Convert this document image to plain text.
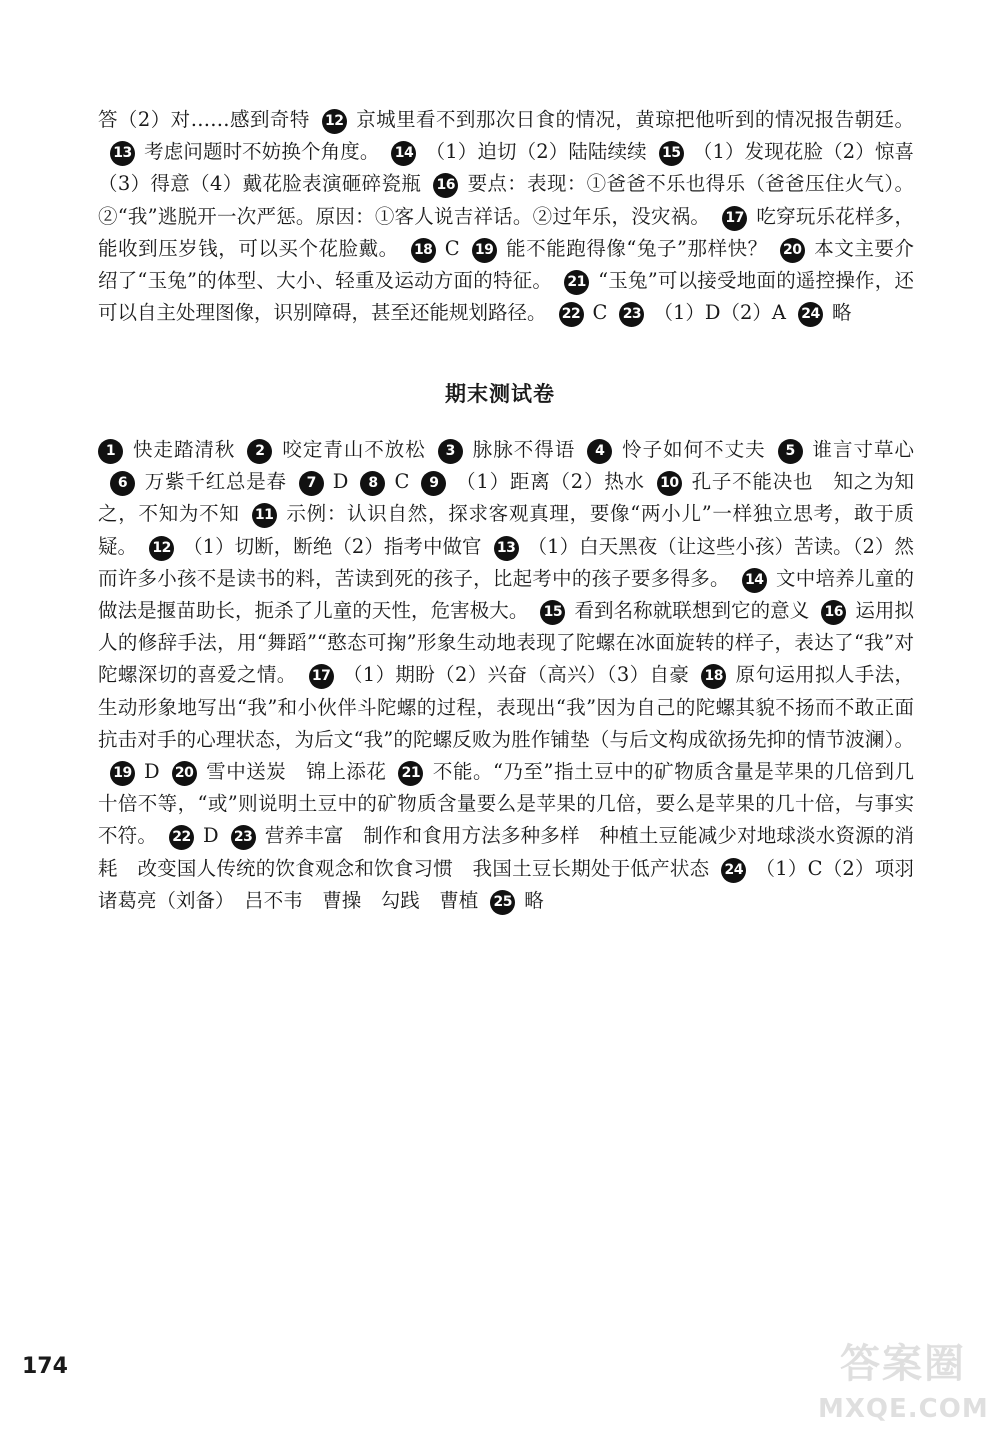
答（2）对……感到奇特 12 京城里看不到那次日食的情况，黄琼把他听到的情况报告朝廷。13 考虑问题时不妨换个角度。 14 （1）迫切（2）陆陆续续 15 （1）发现花脸（2）惊喜（3）得意（4）戴花脸表演砸碎瓷瓶 16 要点：表现：①爸爸不乐也得乐（爸爸压住火气）。②“我”逃脱开一次严惩。原因：①客人说吉祥话。②过年乐，没灾祸。 17 吃穿玩乐花样多，能收到压岁钱，可以买个花脸戴。 18 C 19 能不能跑得像“兔子”那样快？ 20 本文主要介绍了“玉兔”的体型、大小、轻重及运动方面的特征。 21 “玉兔”可以接受地面的遥控操作，还可以自主处理图像，识别障碍，甚至还能规划路径。 22 C 23 （1）D（2）A 24 略
期末测试卷
1 快走踏清秋 2 咬定青山不放松 3 脉脉不得语 4 怜子如何不丈夫 5 谁言寸草心6 万紫千红总是春 7 D 8 C 9 （1）距离（2）热水 10 孔子不能决也　知之为知之，不知为不知 11 示例：认识自然，探求客观真理，要像“两小儿”一样独立思考，敢于质疑。 12 （1）切断，断绝（2）指考中做官 13 （1）白天黑夜（让这些小孩）苦读。（2）然而许多小孩不是读书的料，苦读到死的孩子，比起考中的孩子要多得多。 14 文中培养儿童的做法是揠苗助长，扼杀了儿童的天性，危害极大。 15 看到名称就联想到它的意义 16 运用拟人的修辞手法，用“舞蹈”“憨态可掬”形象生动地表现了陀螺在冰面旋转的样子，表达了“我”对陀螺深切的喜爱之情。 17 （1）期盼（2）兴奋（高兴）（3）自豪 18 原句运用拟人手法，生动形象地写出“我”和小伙伴斗陀螺的过程，表现出“我”因为自己的陀螺其貌不扬而不敢正面抗击对手的心理状态，为后文“我”的陀螺反败为胜作铺垫（与后文构成欲扬先抑的情节波澜）。19 D 20 雪中送炭　锦上添花 21 不能。“乃至”指土豆中的矿物质含量是苹果的几倍到几十倍不等，“或”则说明土豆中的矿物质含量要么是苹果的几倍，要么是苹果的几十倍，与事实不符。 22 D 23 营养丰富　制作和食用方法多种多样　种植土豆能减少对地球淡水资源的消耗　改变国人传统的饮食观念和饮食习惯　我国土豆长期处于低产状态 24 （1）C（2）项羽　诸葛亮（刘备）　吕不韦　曹操　勾践　曹植 25 略
174	答案圈
MXQE.COM
